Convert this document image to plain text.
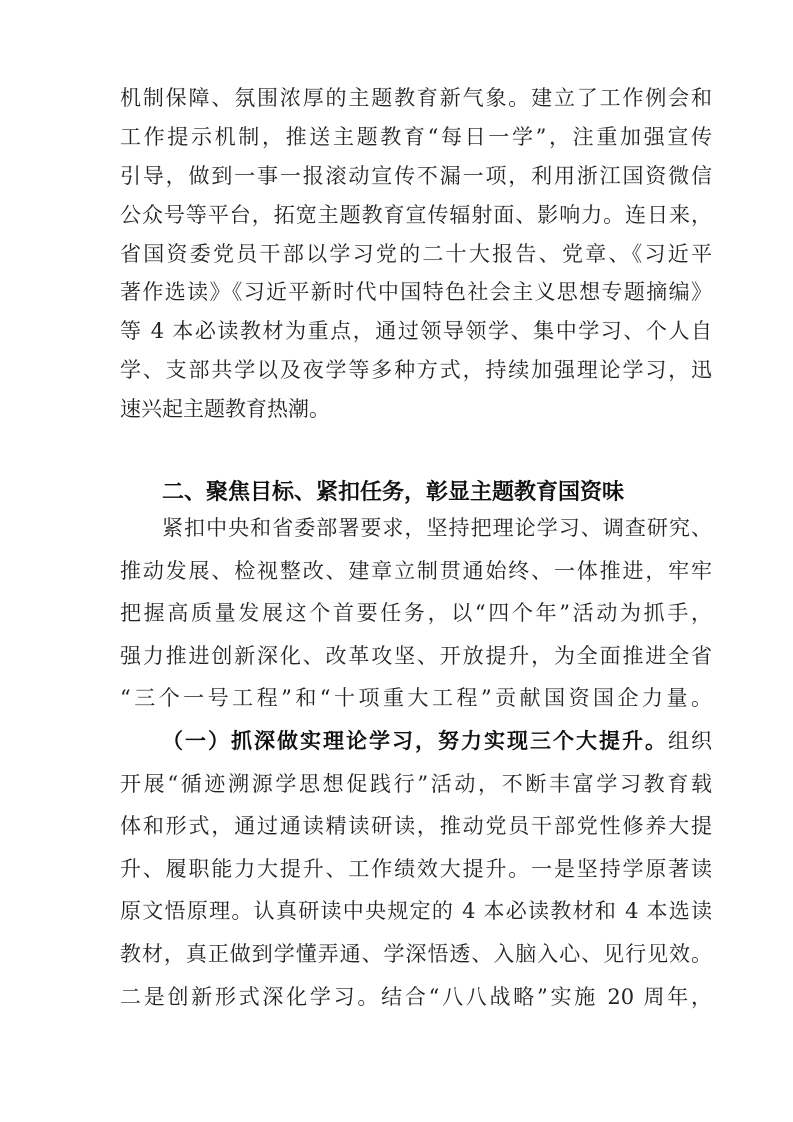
机制保障、氛围浓厚的主题教育新气象。建立了工作例会和
工作提示机制，推送主题教育“每日一学”，注重加强宣传
引导，做到一事一报滚动宣传不漏一项，利用浙江国资微信
公众号等平台，拓宽主题教育宣传辐射面、影响力。连日来，
省国资委党员干部以学习党的二十大报告、党章、《习近平
著作选读》《习近平新时代中国特色社会主义思想专题摘编》
等 4 本必读教材为重点，通过领导领学、集中学习、个人自
学、支部共学以及夜学等多种方式，持续加强理论学习，迅
速兴起主题教育热潮。
二、聚焦目标、紧扣任务，彰显主题教育国资味
紧扣中央和省委部署要求，坚持把理论学习、调查研究、
推动发展、检视整改、建章立制贯通始终、一体推进，牢牢
把握高质量发展这个首要任务，以“四个年”活动为抓手，
强力推进创新深化、改革攻坚、开放提升，为全面推进全省
“三个一号工程”和“十项重大工程”贡献国资国企力量。
（一）抓深做实理论学习，努力实现三个大提升。组织
开展“循迹溯源学思想促践行”活动，不断丰富学习教育载
体和形式，通过通读精读研读，推动党员干部党性修养大提
升、履职能力大提升、工作绩效大提升。一是坚持学原著读
原文悟原理。认真研读中央规定的 4 本必读教材和 4 本选读
教材，真正做到学懂弄通、学深悟透、入脑入心、见行见效。
二是创新形式深化学习。结合“八八战略”实施 20 周年，
